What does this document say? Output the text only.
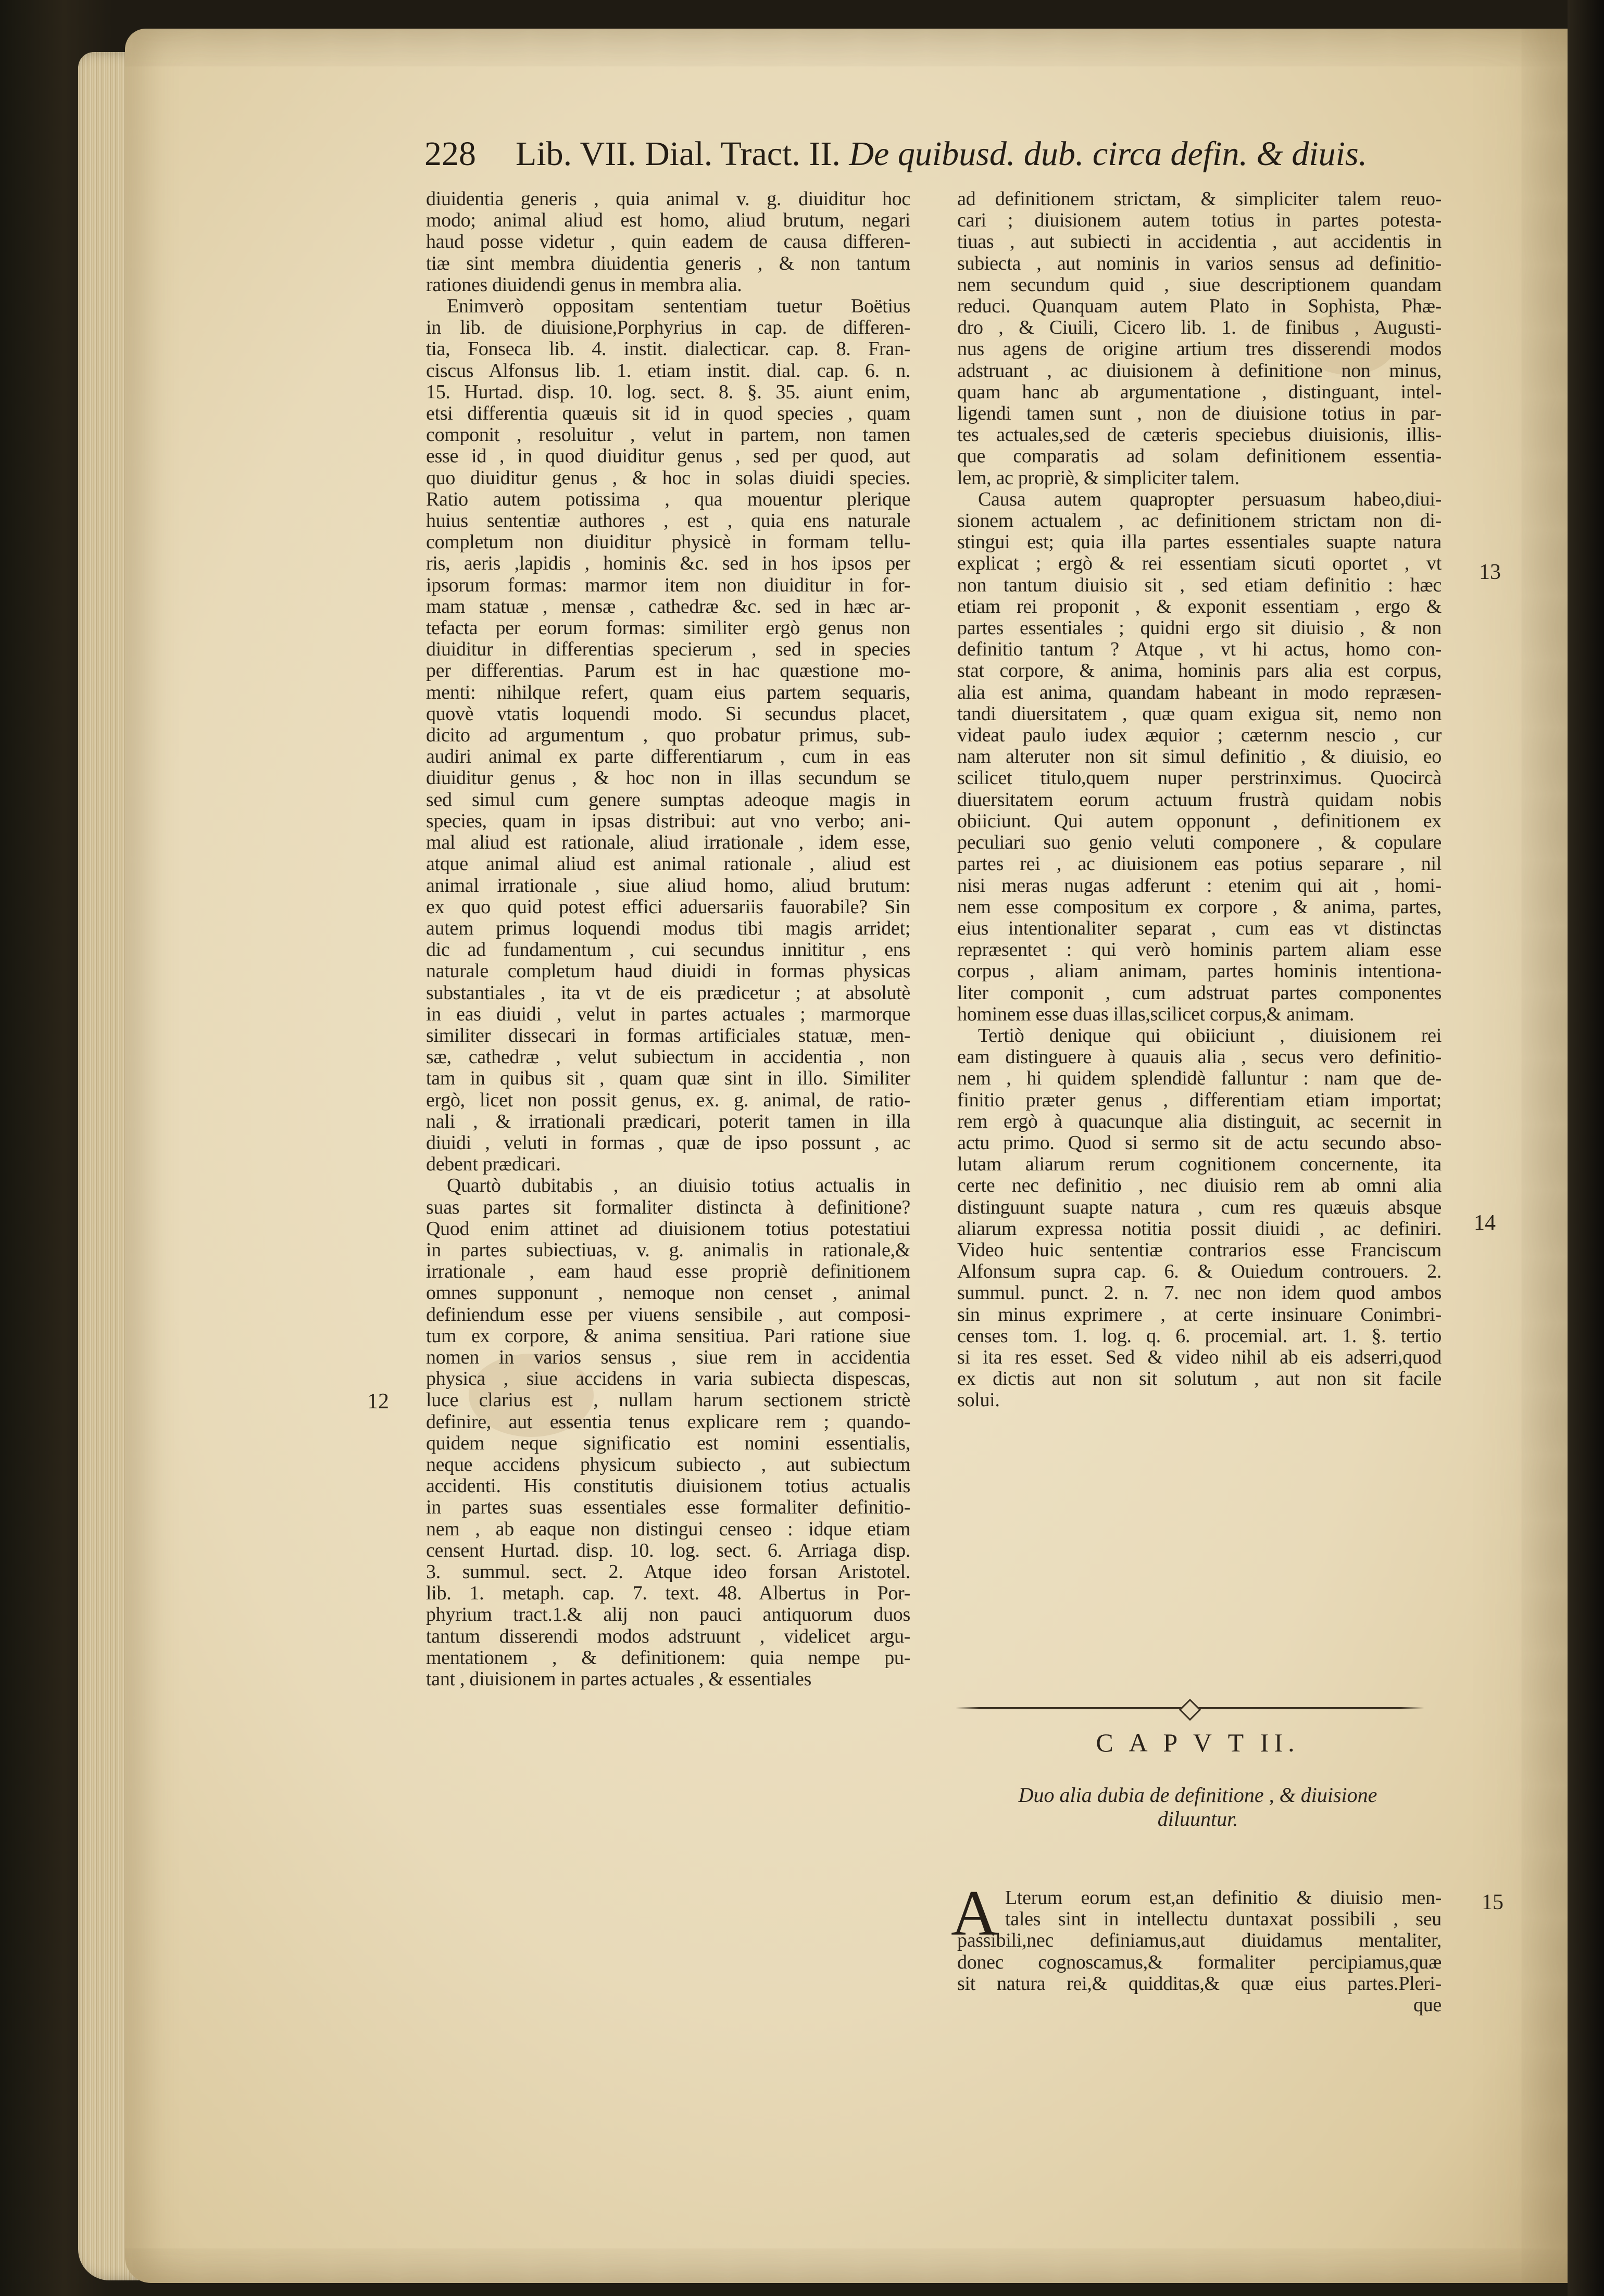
228 Lib. VII. Dial. Tract. II. De quibusd. dub. circa defin. & diuis.
diuidentia generis , quia animal v. g. diuiditur hoc
modo; animal aliud est homo, aliud brutum, negari
haud posse videtur , quin eadem de causa differen-
tiæ sint membra diuidentia generis , & non tantum
rationes diuidendi genus in membra alia.
Enimverò oppositam sententiam tuetur Boëtius
in lib. de diuisione,Porphyrius in cap. de differen-
tia, Fonseca lib. 4. instit. dialecticar. cap. 8. Fran-
ciscus Alfonsus lib. 1. etiam instit. dial. cap. 6. n.
15. Hurtad. disp. 10. log. sect. 8. §. 35. aiunt enim,
etsi differentia quæuis sit id in quod species , quam
componit , resoluitur , velut in partem, non tamen
esse id , in quod diuiditur genus , sed per quod, aut
quo diuiditur genus , & hoc in solas diuidi species.
Ratio autem potissima , qua mouentur plerique
huius sententiæ authores , est , quia ens naturale
completum non diuiditur physicè in formam tellu-
ris, aeris ,lapidis , hominis &c. sed in hos ipsos per
ipsorum formas: marmor item non diuiditur in for-
mam statuæ , mensæ , cathedræ &c. sed in hæc ar-
tefacta per eorum formas: similiter ergò genus non
diuiditur in differentias specierum , sed in species
per differentias. Parum est in hac quæstione mo-
menti: nihilque refert, quam eius partem sequaris,
quovè vtatis loquendi modo. Si secundus placet,
dicito ad argumentum , quo probatur primus, sub-
audiri animal ex parte differentiarum , cum in eas
diuiditur genus , & hoc non in illas secundum se
sed simul cum genere sumptas adeoque magis in
species, quam in ipsas distribui: aut vno verbo; ani-
mal aliud est rationale, aliud irrationale , idem esse,
atque animal aliud est animal rationale , aliud est
animal irrationale , siue aliud homo, aliud brutum:
ex quo quid potest effici aduersariis fauorabile? Sin
autem primus loquendi modus tibi magis arridet;
dic ad fundamentum , cui secundus innititur , ens
naturale completum haud diuidi in formas physicas
substantiales , ita vt de eis prædicetur ; at absolutè
in eas diuidi , velut in partes actuales ; marmorque
similiter dissecari in formas artificiales statuæ, men-
sæ, cathedræ , velut subiectum in accidentia , non
tam in quibus sit , quam quæ sint in illo. Similiter
ergò, licet non possit genus, ex. g. animal, de ratio-
nali , & irrationali prædicari, poterit tamen in illa
diuidi , veluti in formas , quæ de ipso possunt , ac
debent prædicari.
Quartò dubitabis , an diuisio totius actualis in
suas partes sit formaliter distincta à definitione?
Quod enim attinet ad diuisionem totius potestatiui
in partes subiectiuas, v. g. animalis in rationale,&
irrationale , eam haud esse propriè definitionem
omnes supponunt , nemoque non censet , animal
definiendum esse per viuens sensibile , aut composi-
tum ex corpore, & anima sensitiua. Pari ratione siue
nomen in varios sensus , siue rem in accidentia
physica , siue accidens in varia subiecta dispescas,
luce clarius est , nullam harum sectionem strictè
definire, aut essentia tenus explicare rem ; quando-
quidem neque significatio est nomini essentialis,
neque accidens physicum subiecto , aut subiectum
accidenti. His constitutis diuisionem totius actualis
in partes suas essentiales esse formaliter definitio-
nem , ab eaque non distingui censeo : idque etiam
censent Hurtad. disp. 10. log. sect. 6. Arriaga disp.
3. summul. sect. 2. Atque ideo forsan Aristotel.
lib. 1. metaph. cap. 7. text. 48. Albertus in Por-
phyrium tract.1.& alij non pauci antiquorum duos
tantum disserendi modos adstruunt , videlicet argu-
mentationem , & definitionem: quia nempe pu-
tant , diuisionem in partes actuales , & essentiales
ad definitionem strictam, & simpliciter talem reuo-
cari ; diuisionem autem totius in partes potesta-
tiuas , aut subiecti in accidentia , aut accidentis in
subiecta , aut nominis in varios sensus ad definitio-
nem secundum quid , siue descriptionem quandam
reduci. Quanquam autem Plato in Sophista, Phæ-
dro , & Ciuili, Cicero lib. 1. de finibus , Augusti-
nus agens de origine artium tres disserendi modos
adstruant , ac diuisionem à definitione non minus,
quam hanc ab argumentatione , distinguant, intel-
ligendi tamen sunt , non de diuisione totius in par-
tes actuales,sed de cæteris speciebus diuisionis, illis-
que comparatis ad solam definitionem essentia-
lem, ac propriè, & simpliciter talem.
Causa autem quapropter persuasum habeo,diui-
sionem actualem , ac definitionem strictam non di-
stingui est; quia illa partes essentiales suapte natura
explicat ; ergò & rei essentiam sicuti oportet , vt
non tantum diuisio sit , sed etiam definitio : hæc
etiam rei proponit , & exponit essentiam , ergo &
partes essentiales ; quidni ergo sit diuisio , & non
definitio tantum ? Atque , vt hi actus, homo con-
stat corpore, & anima, hominis pars alia est corpus,
alia est anima, quandam habeant in modo repræsen-
tandi diuersitatem , quæ quam exigua sit, nemo non
videat paulo iudex æquior ; cæternm nescio , cur
nam alteruter non sit simul definitio , & diuisio, eo
scilicet titulo,quem nuper perstrinximus. Quocircà
diuersitatem eorum actuum frustrà quidam nobis
obiiciunt. Qui autem opponunt , definitionem ex
peculiari suo genio veluti componere , & copulare
partes rei , ac diuisionem eas potius separare , nil
nisi meras nugas adferunt : etenim qui ait , homi-
nem esse compositum ex corpore , & anima, partes,
eius intentionaliter separat , cum eas vt distinctas
repræsentet : qui verò hominis partem aliam esse
corpus , aliam animam, partes hominis intentiona-
liter componit , cum adstruat partes componentes
hominem esse duas illas,scilicet corpus,& animam.
Tertiò denique qui obiiciunt , diuisionem rei
eam distinguere à quauis alia , secus vero definitio-
nem , hi quidem splendidè falluntur : nam que de-
finitio præter genus , differentiam etiam importat;
rem ergò à quacunque alia distinguit, ac secernit in
actu primo. Quod si sermo sit de actu secundo abso-
lutam aliarum rerum cognitionem concernente, ita
certe nec definitio , nec diuisio rem ab omni alia
distinguunt suapte natura , cum res quæuis absque
aliarum expressa notitia possit diuidi , ac definiri.
Video huic sententiæ contrarios esse Franciscum
Alfonsum supra cap. 6. & Ouiedum controuers. 2.
summul. punct. 2. n. 7. nec non idem quod ambos
sin minus exprimere , at certe insinuare Conimbri-
censes tom. 1. log. q. 6. procemial. art. 1. §. tertio
si ita res esset. Sed & video nihil ab eis adserri,quod
ex dictis aut non sit solutum , aut non sit facile
solui.
12
13
14
15
C A P V T II.
Duo alia dubia de definitione , & diuisione
diluuntur.
A Lterum eorum est,an definitio & diuisio men-
tales sint in intellectu duntaxat possibili , seu
passibili,nec definiamus,aut diuidamus mentaliter,
donec cognoscamus,& formaliter percipiamus,quæ
sit natura rei,& quidditas,& quæ eius partes.Pleri-
que
